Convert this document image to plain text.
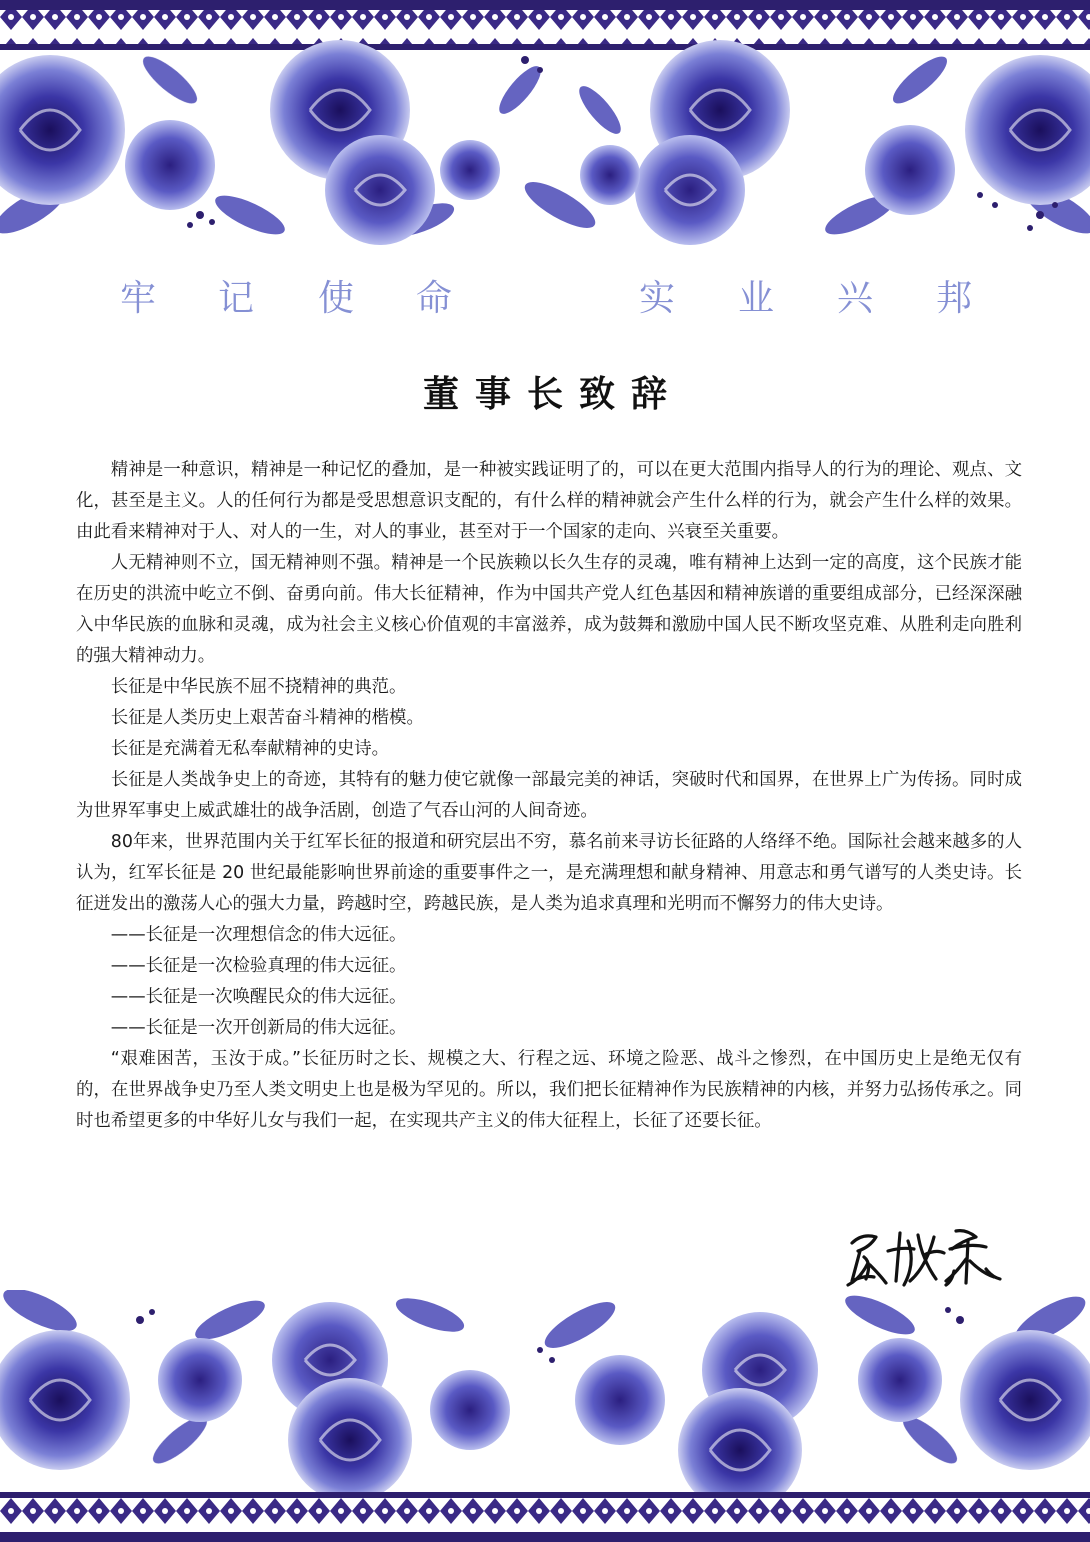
牢 记 使 命	实 业 兴 邦
董事长致辞

精神是一种意识，精神是一种记忆的叠加，是一种被实践证明了的，可以在更大范围内指导人的行为的理论、观点、文化，甚至是主义。人的任何行为都是受思想意识支配的，有什么样的精神就会产生什么样的行为，就会产生什么样的效果。由此看来精神对于人、对人的一生，对人的事业，甚至对于一个国家的走向、兴衰至关重要。

人无精神则不立，国无精神则不强。精神是一个民族赖以长久生存的灵魂，唯有精神上达到一定的高度，这个民族才能在历史的洪流中屹立不倒、奋勇向前。伟大长征精神，作为中国共产党人红色基因和精神族谱的重要组成部分，已经深深融入中华民族的血脉和灵魂，成为社会主义核心价值观的丰富滋养，成为鼓舞和激励中国人民不断攻坚克难、从胜利走向胜利的强大精神动力。

长征是中华民族不屈不挠精神的典范。

长征是人类历史上艰苦奋斗精神的楷模。

长征是充满着无私奉献精神的史诗。

长征是人类战争史上的奇迹，其特有的魅力使它就像一部最完美的神话，突破时代和国界，在世界上广为传扬。同时成为世界军事史上威武雄壮的战争活剧，创造了气吞山河的人间奇迹。

80年来，世界范围内关于红军长征的报道和研究层出不穷，慕名前来寻访长征路的人络绎不绝。国际社会越来越多的人认为，红军长征是 20 世纪最能影响世界前途的重要事件之一，是充满理想和献身精神、用意志和勇气谱写的人类史诗。长征迸发出的激荡人心的强大力量，跨越时空，跨越民族，是人类为追求真理和光明而不懈努力的伟大史诗。

——长征是一次理想信念的伟大远征。

——长征是一次检验真理的伟大远征。

——长征是一次唤醒民众的伟大远征。

——长征是一次开创新局的伟大远征。

“艰难困苦，玉汝于成。”长征历时之长、规模之大、行程之远、环境之险恶、战斗之惨烈，在中国历史上是绝无仅有的，在世界战争史乃至人类文明史上也是极为罕见的。所以，我们把长征精神作为民族精神的内核，并努力弘扬传承之。同时也希望更多的中华好儿女与我们一起，在实现共产主义的伟大征程上，长征了还要长征。
